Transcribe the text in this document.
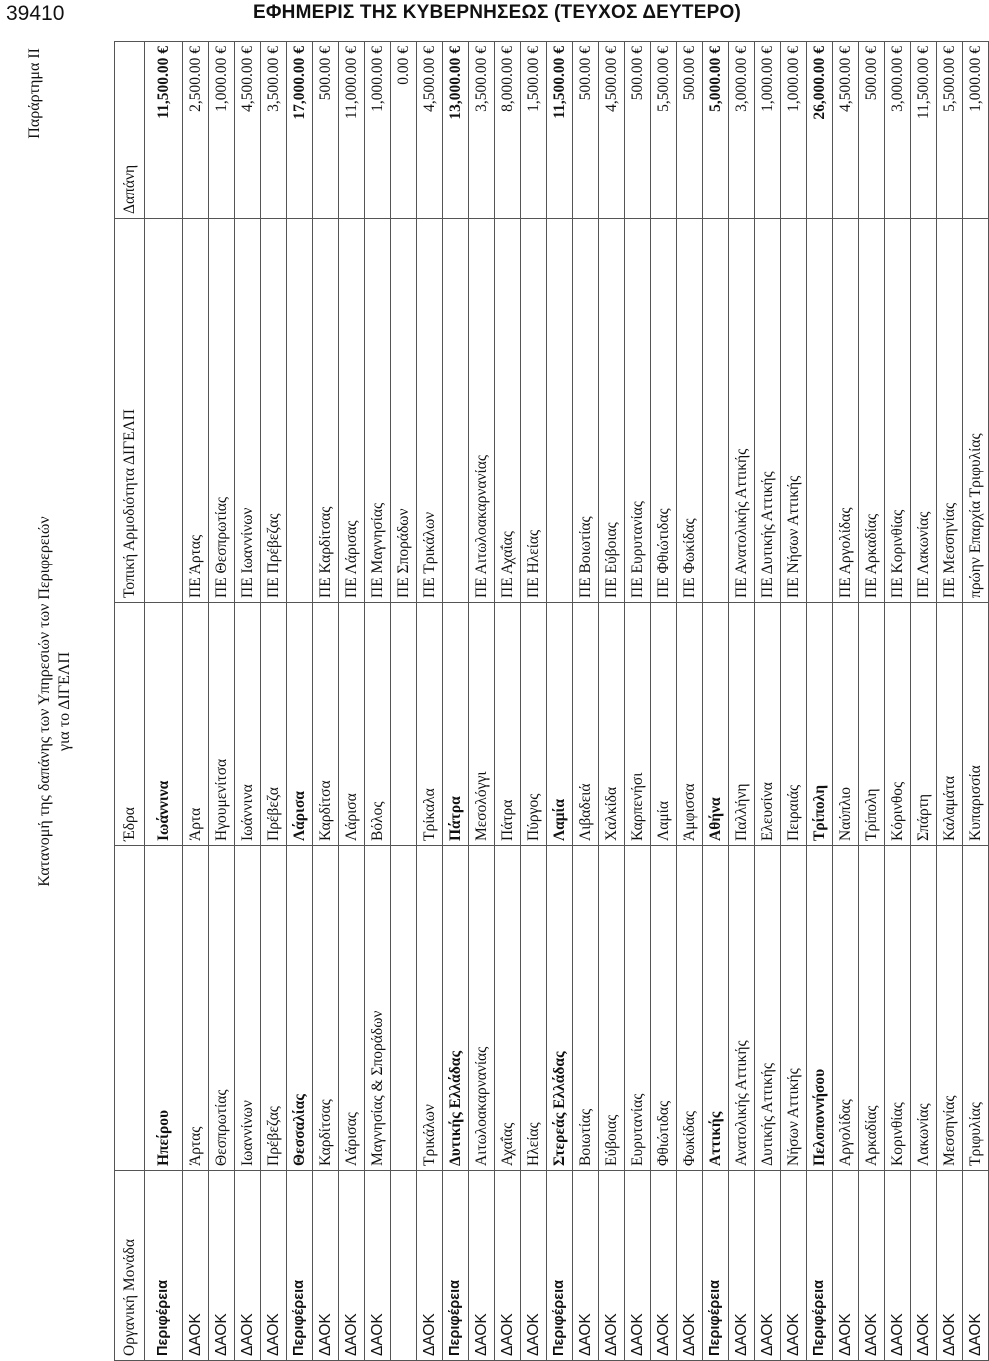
39410	ΕΦΗΜΕΡΙΣ ΤΗΣ ΚΥΒΕΡΝΗΣΕΩΣ (ΤΕΥΧΟΣ ΔΕΥΤΕΡΟ)
Παράρτημα ΙΙ
Κατανομή της δαπάνης των Υπηρεσιών των Περιφερειών για το ΔΙΓΕΛΠ
Οργανική Μονάδα		Έδρα	Τοπική Αρμοδιότητα ΔΙΓΕΛΠ	Δαπάνη
Περιφέρεια	Ηπείρου	Ιωάννινα		11,500.00 €
ΔΑΟΚ	Άρτας	Άρτα	ΠΕ Άρτας	2,500.00 €
ΔΑΟΚ	Θεσπρωτίας	Ηγουμενίτσα	ΠΕ Θεσπρωτίας	1,000.00 €
ΔΑΟΚ	Ιωαννίνων	Ιωάννινα	ΠΕ Ιωαννίνων	4,500.00 €
ΔΑΟΚ	Πρέβεζας	Πρέβεζα	ΠΕ Πρέβεζας	3,500.00 €
Περιφέρεια	Θεσσαλίας	Λάρισα		17,000.00 €
ΔΑΟΚ	Καρδίτσας	Καρδίτσα	ΠΕ Καρδίτσας	500.00 €
ΔΑΟΚ	Λάρισας	Λάρισα	ΠΕ Λάρισας	11,000.00 €
ΔΑΟΚ	Μαγνησίας & Σποράδων	Βόλος	ΠΕ Μαγνησίας	1,000.00 €
			ΠΕ Σποράδων	0.00 €
ΔΑΟΚ	Τρικάλων	Τρίκαλα	ΠΕ Τρικάλων	4,500.00 €
Περιφέρεια	Δυτικής Ελλάδας	Πάτρα		13,000.00 €
ΔΑΟΚ	Αιτωλοακαρνανίας	Μεσολόγγι	ΠΕ Αιτωλοακαρνανίας	3,500.00 €
ΔΑΟΚ	Αχαΐας	Πάτρα	ΠΕ Αχαΐας	8,000.00 €
ΔΑΟΚ	Ηλείας	Πύργος	ΠΕ Ηλείας	1,500.00 €
Περιφέρεια	Στερεάς Ελλάδας	Λαμία		11,500.00 €
ΔΑΟΚ	Βοιωτίας	Λιβαδειά	ΠΕ Βοιωτίας	500.00 €
ΔΑΟΚ	Εύβοιας	Χαλκίδα	ΠΕ Εύβοιας	4,500.00 €
ΔΑΟΚ	Ευρυτανίας	Καρπενήσι	ΠΕ Ευρυτανίας	500.00 €
ΔΑΟΚ	Φθιώτιδας	Λαμία	ΠΕ Φθιώτιδας	5,500.00 €
ΔΑΟΚ	Φωκίδας	Άμφισσα	ΠΕ Φωκίδας	500.00 €
Περιφέρεια	Αττικής	Αθήνα		5,000.00 €
ΔΑΟΚ	Ανατολικής Αττικής	Παλλήνη	ΠΕ Ανατολικής Αττικής	3,000.00 €
ΔΑΟΚ	Δυτικής Αττικής	Ελευσίνα	ΠΕ Δυτικής Αττικής	1,000.00 €
ΔΑΟΚ	Νήσων Αττικής	Πειραιάς	ΠΕ Νήσων Αττικής	1,000.00 €
Περιφέρεια	Πελοποννήσου	Τρίπολη		26,000.00 €
ΔΑΟΚ	Αργολίδας	Ναύπλιο	ΠΕ Αργολίδας	4,500.00 €
ΔΑΟΚ	Αρκαδίας	Τρίπολη	ΠΕ Αρκαδίας	500.00 €
ΔΑΟΚ	Κορινθίας	Κόρινθος	ΠΕ Κορινθίας	3,000.00 €
ΔΑΟΚ	Λακωνίας	Σπάρτη	ΠΕ Λακωνίας	11,500.00 €
ΔΑΟΚ	Μεσσηνίας	Καλαμάτα	ΠΕ Μεσσηνίας	5,500.00 €
ΔΑΟΚ	Τριφυλίας	Κυπαρισσία	πρώην Επαρχία Τριφυλίας	1,000.00 €
